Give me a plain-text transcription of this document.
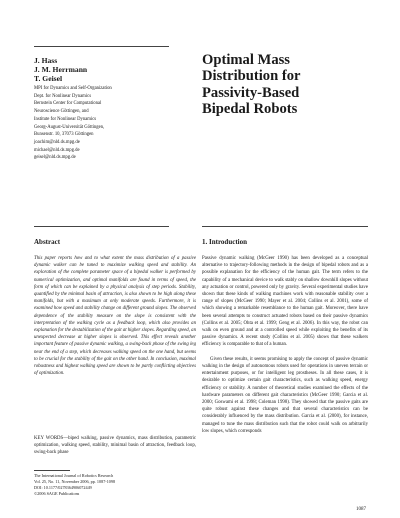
J. Hass
J. M. Herrmann
T. Geisel
MPI for Dynamics and Self-Organization
Dept. for Nonlinear Dynamics
Bernstein Center for Computational
Neuroscience Göttingen, and
Institute for Nonlinear Dynamics
Georg-August-Universität Göttingen,
Bunsenstr. 10, 37073 Göttingen
joachim@nld.ds.mpg.de
michael@nld.ds.mpg.de
geisel@nld.ds.mpg.de
Optimal Mass
Distribution for
Passivity-Based
Bipedal Robots
Abstract	1. Introduction
This paper reports how and to what extent the mass distribution of a passive dynamic walker can be tuned to maximize walking speed and stability. An exploration of the complete parameter space of a bipedal walker is performed by numerical optimization, and optimal manifolds are found in terms of speed, the form of which can be explained by a physical analysis of step periods. Stability, quantified by the minimal basin of attraction, is also shown to be high along these manifolds, but with a maximum at only moderate speeds. Furthermore, it is examined how speed and stability change on different ground slopes. The observed dependence of the stability measure on the slope is consistent with the interpretation of the walking cycle as a feedback loop, which also provides an explanation for the destabilization of the gait at higher slopes. Regarding speed, an unexpected decrease at higher slopes is observed. This effect reveals another important feature of passive dynamic walking, a swing-back phase of the swing leg near the end of a step, which decreases walking speed on the one hand, but seems to be crucial for the stability of the gait on the other hand. In conclusion, maximal robustness and highest walking speed are shown to be partly conflicting objectives of optimization.
KEY WORDS—biped walking, passive dynamics, mass distribution, parametric optimization, walking speed, stability, minimal basin of attraction, feedback loop, swing-back phase

Passive dynamic walking (McGeer 1990) has been developed as a conceptual alternative to trajectory-following methods in the design of bipedal robots and as a possible explanation for the efficiency of the human gait. The term refers to the capability of a mechanical device to walk stably on shallow downhill slopes without any actuation or control, powered only by gravity. Several experimental studies have shown that these kinds of walking machines work with reasonable stability over a range of slopes (McGeer 1990; Mayer et al. 2004; Collins et al. 2001), some of which showing a remarkable resemblance to the human gait. Moreover, there have been several attempts to construct actuated robots based on their passive dynamics (Collins et al. 2005; Ohta et al. 1999; Geng et al. 2006). In this way, the robot can walk on even ground and at a controlled speed while exploiting the benefits of its passive dynamics. A recent study (Collins et al. 2005) shows that these walkers efficiency is comparable to that of a human.

Given these results, it seems promising to apply the concept of passive dynamic walking in the design of autonomous robots used for operations in uneven terrain or entertainment purposes, or for intelligent leg prostheses. In all these cases, it is desirable to optimize certain gait characteristics, such as walking speed, energy efficiency or stability. A number of theoretical studies examined the effects of the hardware parameters on different gait characteristics (McGeer 1990; Garcia et al. 2000; Goswami et al. 1998; Coleman 1998). They showed that the passive gaits are quite robust against these changes and that several characteristics can be considerably influenced by the mass distribution. Garcia et al. (2000), for instance, managed to tune the mass distribution such that the robot could walk on arbitrarily low slopes, which corresponds

The International Journal of Robotics Research
Vol. 25, No. 11, November 2006, pp. 1087-1098
DOI: 10.1177/0278364906072449
©2006 SAGE Publications
1087
